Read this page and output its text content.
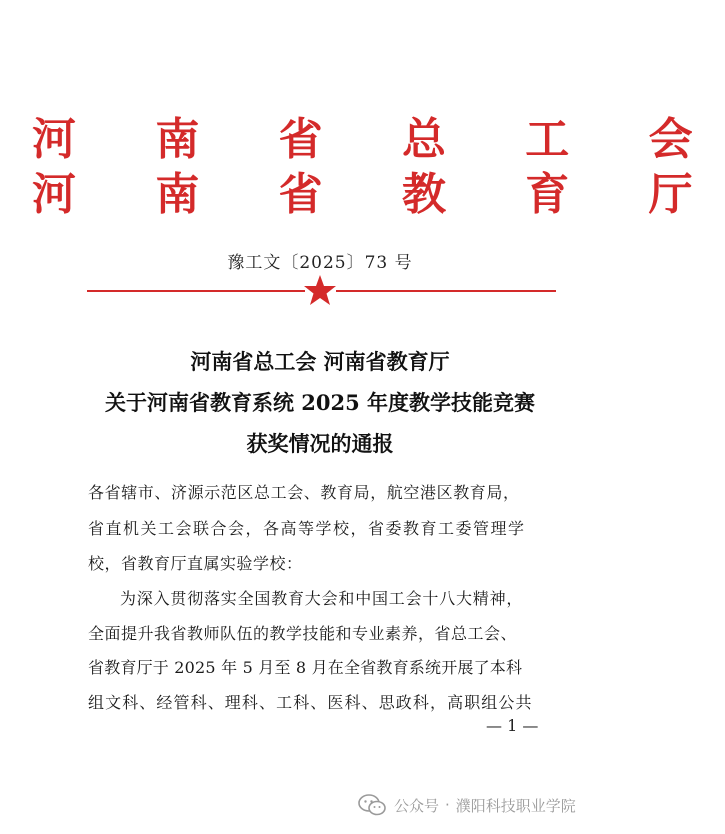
河 南 省 总 工 会
河 南 省 教 育 厅
豫工文〔2025〕73 号
河南省总工会 河南省教育厅
关于河南省教育系统 2025 年度教学技能竞赛
获奖情况的通报
各省辖市、济源示范区总工会、教育局，航空港区教育局，
省直机关工会联合会，各高等学校，省委教育工委管理学
校，省教育厅直属实验学校：
为深入贯彻落实全国教育大会和中国工会十八大精神，
全面提升我省教师队伍的教学技能和专业素养，省总工会、
省教育厅于 2025 年 5 月至 8 月在全省教育系统开展了本科
组文科、经管科、理科、工科、医科、思政科，高职组公共
— 1 —
公众号 · 濮阳科技职业学院
